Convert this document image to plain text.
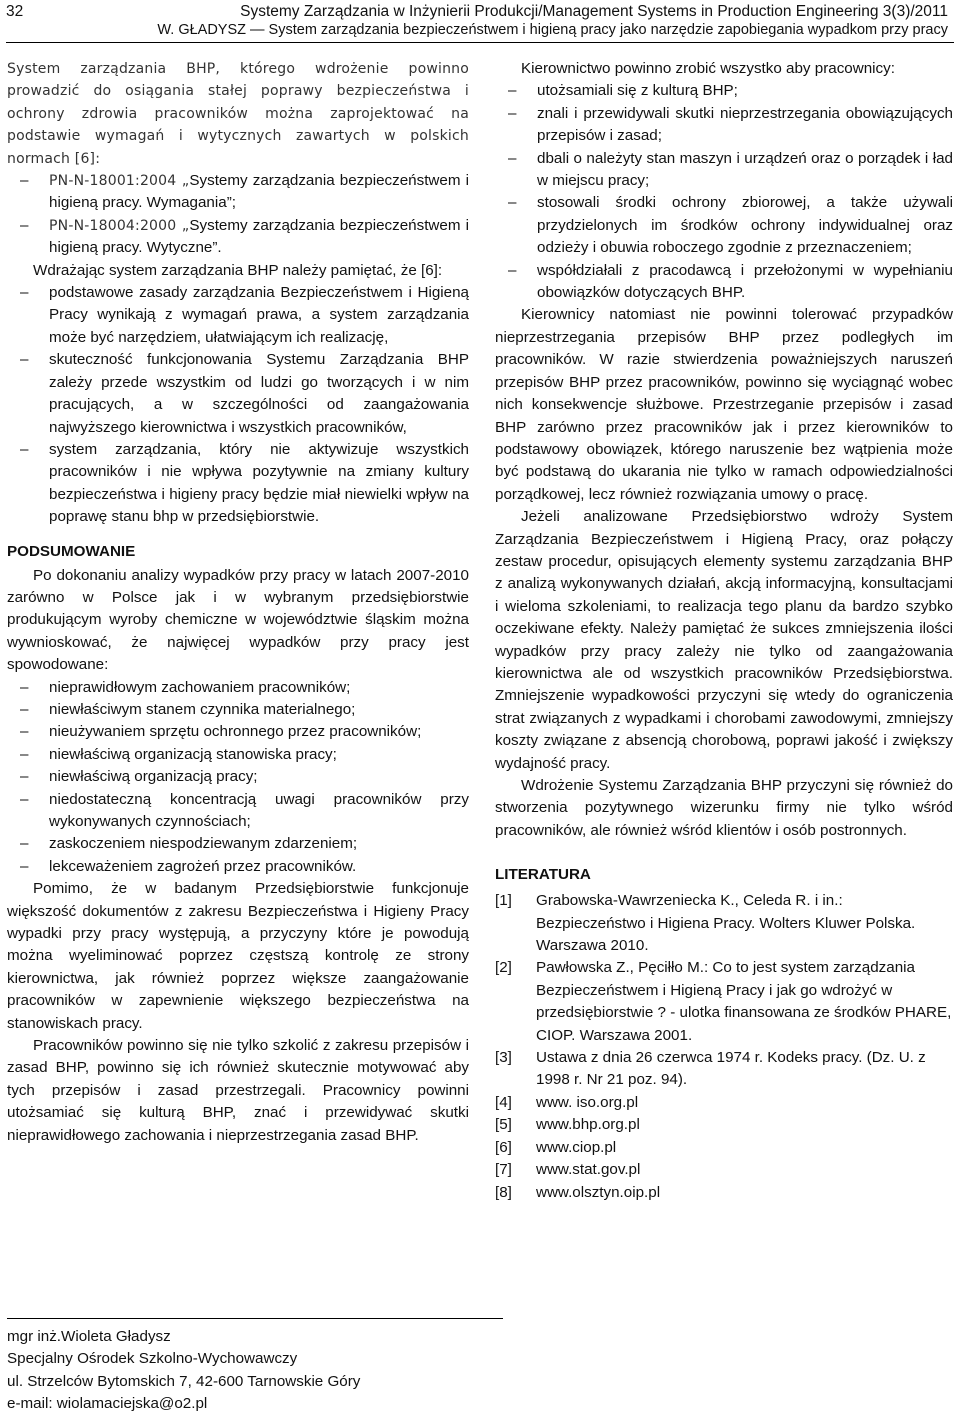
32	Systemy Zarządzania w Inżynierii Produkcji/Management Systems in Production Engineering 3(3)/2011
W. GŁADYSZ — System zarządzania bezpieczeństwem i higieną pracy jako narzędzie zapobiegania wypadkom przy pracy

System zarządzania BHP, którego wdrożenie powinno prowadzić do osiągania stałej poprawy bezpieczeństwa i ochrony zdrowia pracowników można zaprojektować na podstawie wymagań i wytycznych zawartych w polskich normach [6]:

– PN-N-18001:2004 „Systemy zarządzania bezpieczeństwem i higieną pracy. Wymagania”;
– PN-N-18004:2000 „Systemy zarządzania bezpieczeństwem i higieną pracy. Wytyczne”.

Wdrażając system zarządzania BHP należy pamiętać, że [6]:

– podstawowe zasady zarządzania Bezpieczeństwem i Higieną Pracy wynikają z wymagań prawa, a system zarządzania może być narzędziem, ułatwiającym ich realizację,
– skuteczność funkcjonowania Systemu Zarządzania BHP zależy przede wszystkim od ludzi go tworzących i w nim pracujących, a w szczególności od zaangażowania najwyższego kierownictwa i wszystkich pracowników,
– system zarządzania, który nie aktywizuje wszystkich pracowników i nie wpływa pozytywnie na zmiany kultury bezpieczeństwa i higieny pracy będzie miał niewielki wpływ na poprawę stanu bhp w przedsiębiorstwie.
PODSUMOWANIE

Po dokonaniu analizy wypadków przy pracy w latach 2007-2010 zarówno w Polsce jak i w wybranym przedsiębiorstwie produkującym wyroby chemiczne w województwie śląskim można wywnioskować, że najwięcej wypadków przy pracy jest spowodowane:

– nieprawidłowym zachowaniem pracowników;
– niewłaściwym stanem czynnika materialnego;
– nieużywaniem sprzętu ochronnego przez pracowników;
– niewłaściwą organizacją stanowiska pracy;
– niewłaściwą organizacją pracy;
– niedostateczną koncentracją uwagi pracowników przy wykonywanych czynnościach;
– zaskoczeniem niespodziewanym zdarzeniem;
– lekceważeniem zagrożeń przez pracowników.

Pomimo, że w badanym Przedsiębiorstwie funkcjonuje większość dokumentów z zakresu Bezpieczeństwa i Higieny Pracy wypadki przy pracy występują, a przyczyny które je powodują można wyeliminować poprzez częstszą kontrolę ze strony kierownictwa, jak również poprzez większe zaangażowanie pracowników w zapewnienie większego bezpieczeństwa na stanowiskach pracy.

Pracowników powinno się nie tylko szkolić z zakresu przepisów i zasad BHP, powinno się ich również skutecznie motywować aby tych przepisów i zasad przestrzegali. Pracownicy powinni utożsamiać się kulturą BHP, znać i przewidywać skutki nieprawidłowego zachowania i nieprzestrzegania zasad BHP.

Kierownictwo powinno zrobić wszystko aby pracownicy:

– utożsamiali się z kulturą BHP;
– znali i przewidywali skutki nieprzestrzegania obowiązujących przepisów i zasad;
– dbali o należyty stan maszyn i urządzeń oraz o porządek i ład w miejscu pracy;
– stosowali środki ochrony zbiorowej, a także używali przydzielonych im środków ochrony indywidualnej oraz odzieży i obuwia roboczego zgodnie z przeznaczeniem;
– współdziałali z pracodawcą i przełożonymi w wypełnianiu obowiązków dotyczących BHP.

Kierownicy natomiast nie powinni tolerować przypadków nieprzestrzegania przepisów BHP przez podległych im pracowników. W razie stwierdzenia poważniejszych naruszeń przepisów BHP przez pracowników, powinno się wyciągnąć wobec nich konsekwencje służbowe. Przestrzeganie przepisów i zasad BHP zarówno przez pracowników jak i przez kierowników to podstawowy obowiązek, którego naruszenie bez wątpienia może być podstawą do ukarania nie tylko w ramach odpowiedzialności porządkowej, lecz również rozwiązania umowy o pracę.

Jeżeli analizowane Przedsiębiorstwo wdroży System Zarządzania Bezpieczeństwem i Higieną Pracy, oraz połączy zestaw procedur, opisujących elementy systemu zarządzania BHP z analizą wykonywanych działań, akcją informacyjną, konsultacjami i wieloma szkoleniami, to realizacja tego planu da bardzo szybko oczekiwane efekty. Należy pamiętać że sukces zmniejszenia ilości wypadków przy pracy zależy nie tylko od zaangażowania kierownictwa ale od wszystkich pracowników Przedsiębiorstwa. Zmniejszenie wypadkowości przyczyni się wtedy do ograniczenia strat związanych z wypadkami i chorobami zawodowymi, zmniejszy koszty związane z absencją chorobową, poprawi jakość i zwiększy wydajność pracy.

Wdrożenie Systemu Zarządzania BHP przyczyni się również do stworzenia pozytywnego wizerunku firmy nie tylko wśród pracowników, ale również wśród klientów i osób postronnych.

LITERATURA
[1] Grabowska-Wawrzeniecka K., Celeda R. i in.: Bezpieczeństwo i Higiena Pracy. Wolters Kluwer Polska. Warszawa 2010.
[2] Pawłowska Z., Pęciłło M.: Co to jest system zarządzania Bezpieczeństwem i Higieną Pracy i jak go wdrożyć w przedsiębiorstwie ? - ulotka finansowana ze środków PHARE, CIOP. Warszawa 2001.
[3] Ustawa z dnia 26 czerwca 1974 r. Kodeks pracy. (Dz. U. z 1998 r. Nr 21 poz. 94).
[4] www. iso.org.pl
[5] www.bhp.org.pl
[6] www.ciop.pl
[7] www.stat.gov.pl
[8] www.olsztyn.oip.pl
mgr inż.Wioleta Gładysz
Specjalny Ośrodek Szkolno-Wychowawczy
ul. Strzelców Bytomskich 7, 42-600 Tarnowskie Góry
e-mail: wiolamaciejska@o2.pl
